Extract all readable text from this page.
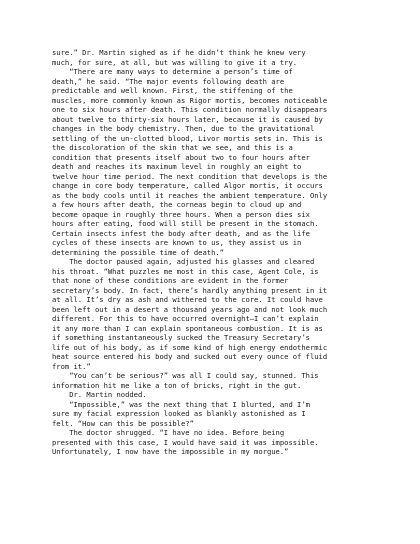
sure.” Dr. Martin sighed as if he didn’t think he knew very
much, for sure, at all, but was willing to give it a try.
“There are many ways to determine a person’s time of
death,” he said. “The major events following death are
predictable and well known. First, the stiffening of the
muscles, more commonly known as Rigor mortis, becomes noticeable
one to six hours after death. This condition normally disappears
about twelve to thirty-six hours later, because it is caused by
changes in the body chemistry. Then, due to the gravitational
settling of the un-clotted blood, Livor mortis sets in. This is
the discoloration of the skin that we see, and this is a
condition that presents itself about two to four hours after
death and reaches its maximum level in roughly an eight to
twelve hour time period. The next condition that develops is the
change in core body temperature, called Algor mortis, it occurs
as the body cools until it reaches the ambient temperature. Only
a few hours after death, the corneas begin to cloud up and
become opaque in roughly three hours. When a person dies six
hours after eating, food will still be present in the stomach.
Certain insects infest the body after death, and as the life
cycles of these insects are known to us, they assist us in
determining the possible time of death.”
The doctor paused again, adjusted his glasses and cleared
his throat. “What puzzles me most in this case, Agent Cole, is
that none of these conditions are evident in the former
secretary’s body. In fact, there’s hardly anything present in it
at all. It’s dry as ash and withered to the core. It could have
been left out in a desert a thousand years ago and not look much
different. For this to have occurred overnight—I can’t explain
it any more than I can explain spontaneous combustion. It is as
if something instantaneously sucked the Treasury Secretary’s
life out of his body, as if some kind of high energy endothermic
heat source entered his body and sucked out every ounce of fluid
from it.”
“You can’t be serious?” was all I could say, stunned. This
information hit me like a ton of bricks, right in the gut.
Dr. Martin nodded.
“Impossible,” was the next thing that I blurted, and I’m
sure my facial expression looked as blankly astonished as I
felt. “How can this be possible?”
The doctor shrugged. “I have no idea. Before being
presented with this case, I would have said it was impossible.
Unfortunately, I now have the impossible in my morgue.”
